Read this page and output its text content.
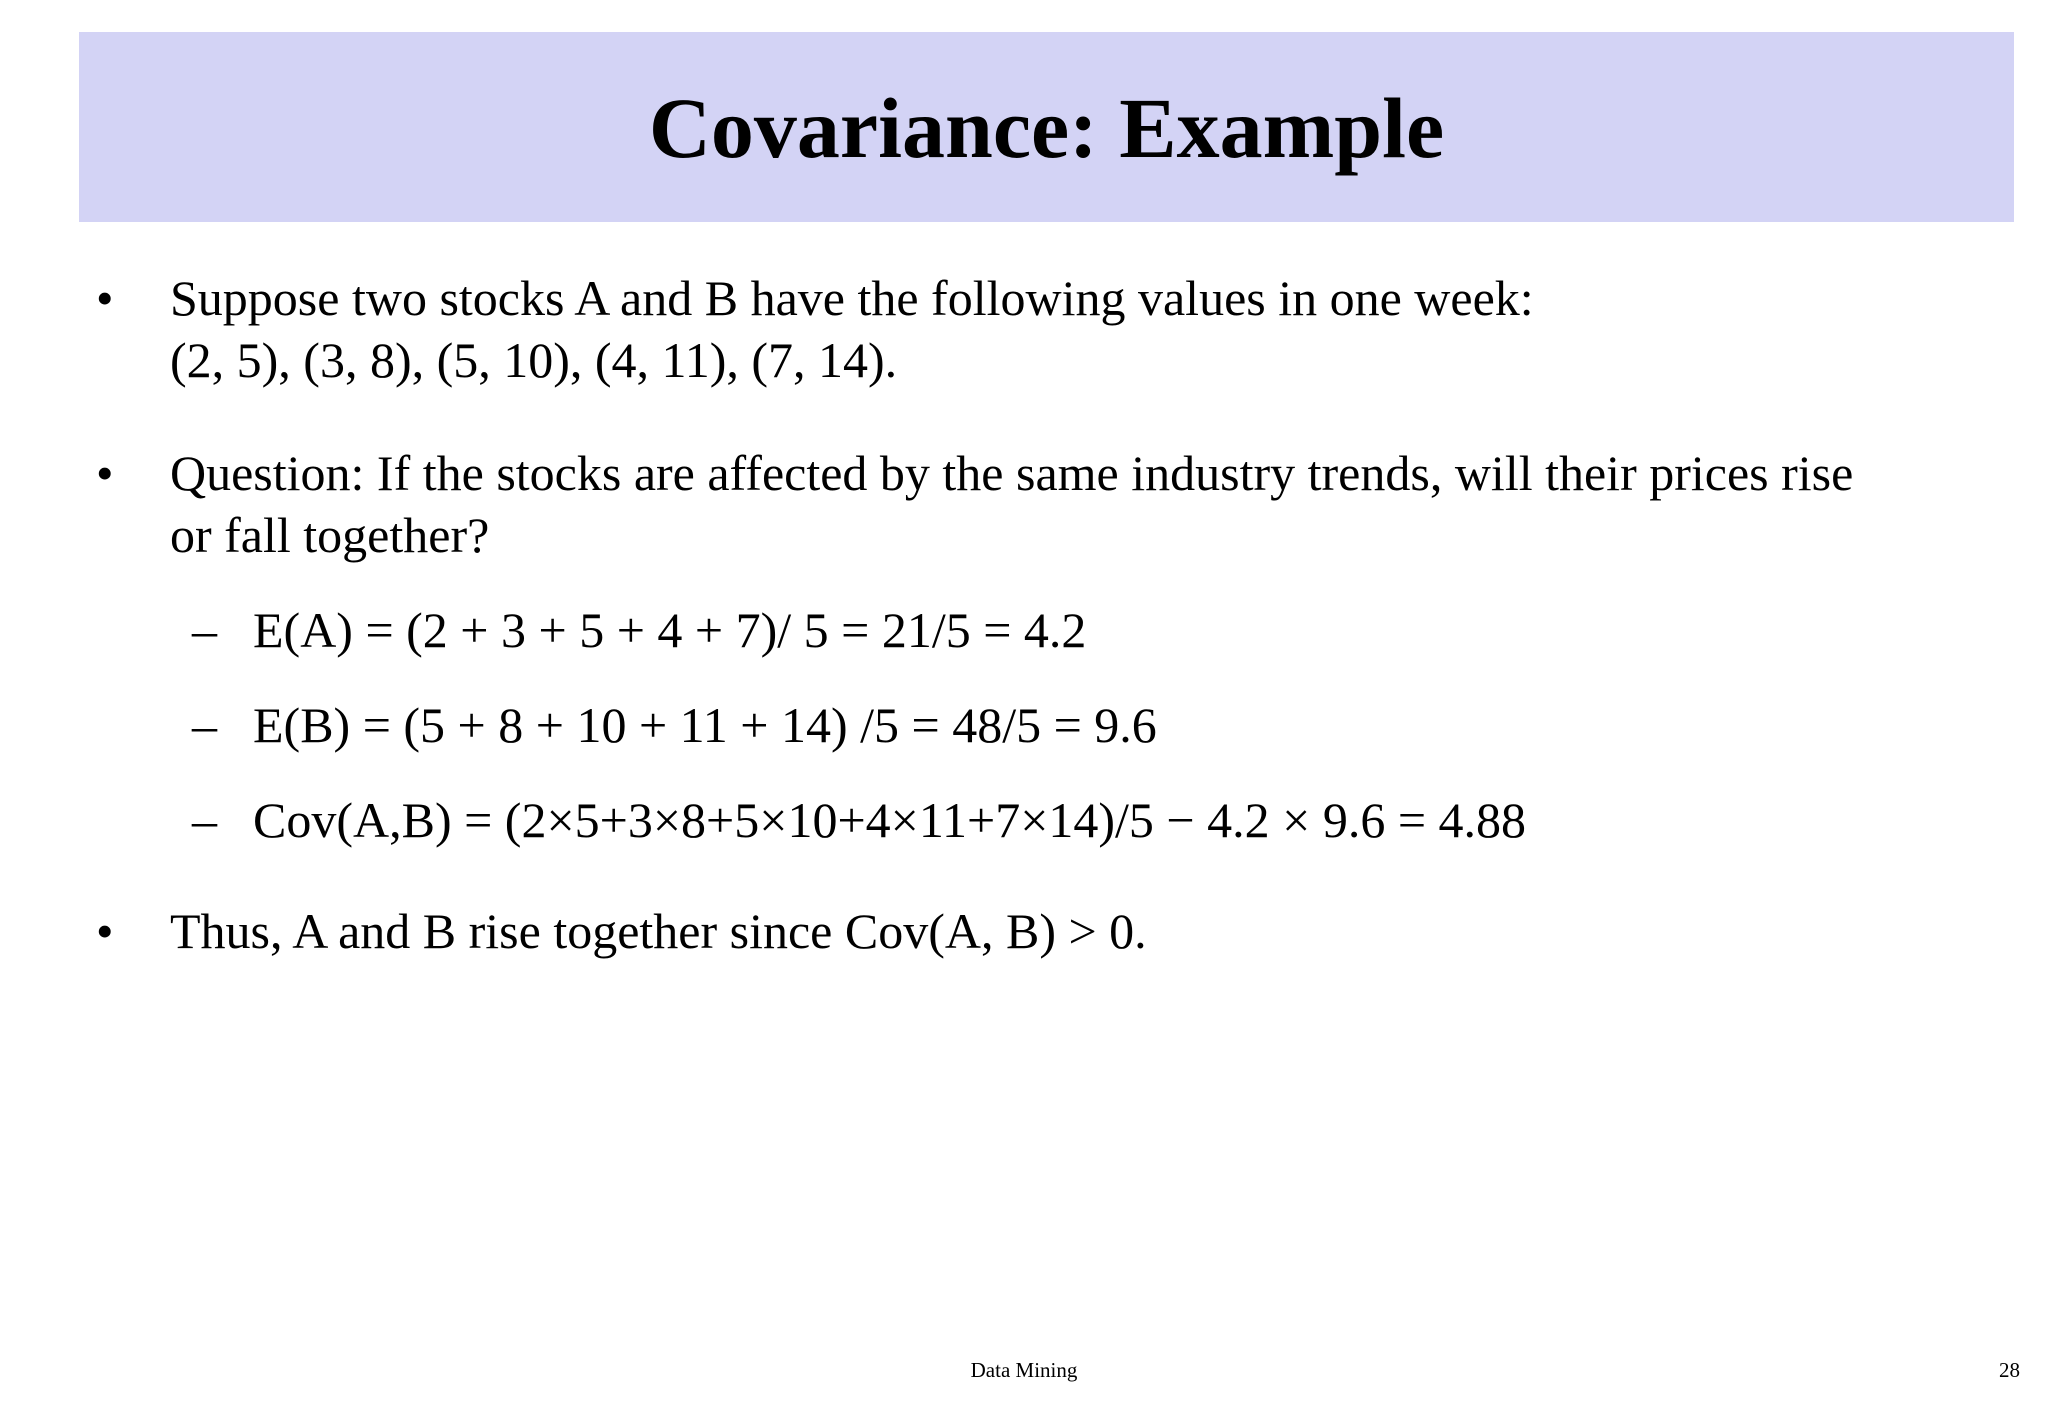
Covariance: Example
•	Suppose two stocks A and B have the following values in one week:
(2, 5), (3, 8), (5, 10), (4, 11), (7, 14).
•	Question: If the stocks are affected by the same industry trends, will their prices rise
or fall together?
– E(A) = (2 + 3 + 5 + 4 + 7)/ 5 = 21/5 = 4.2
– E(B) = (5 + 8 + 10 + 11 + 14) /5 = 48/5 = 9.6
– Cov(A,B) = (2×5+3×8+5×10+4×11+7×14)/5 − 4.2 × 9.6 = 4.88
•	Thus, A and B rise together since Cov(A, B) > 0.
Data Mining	28
